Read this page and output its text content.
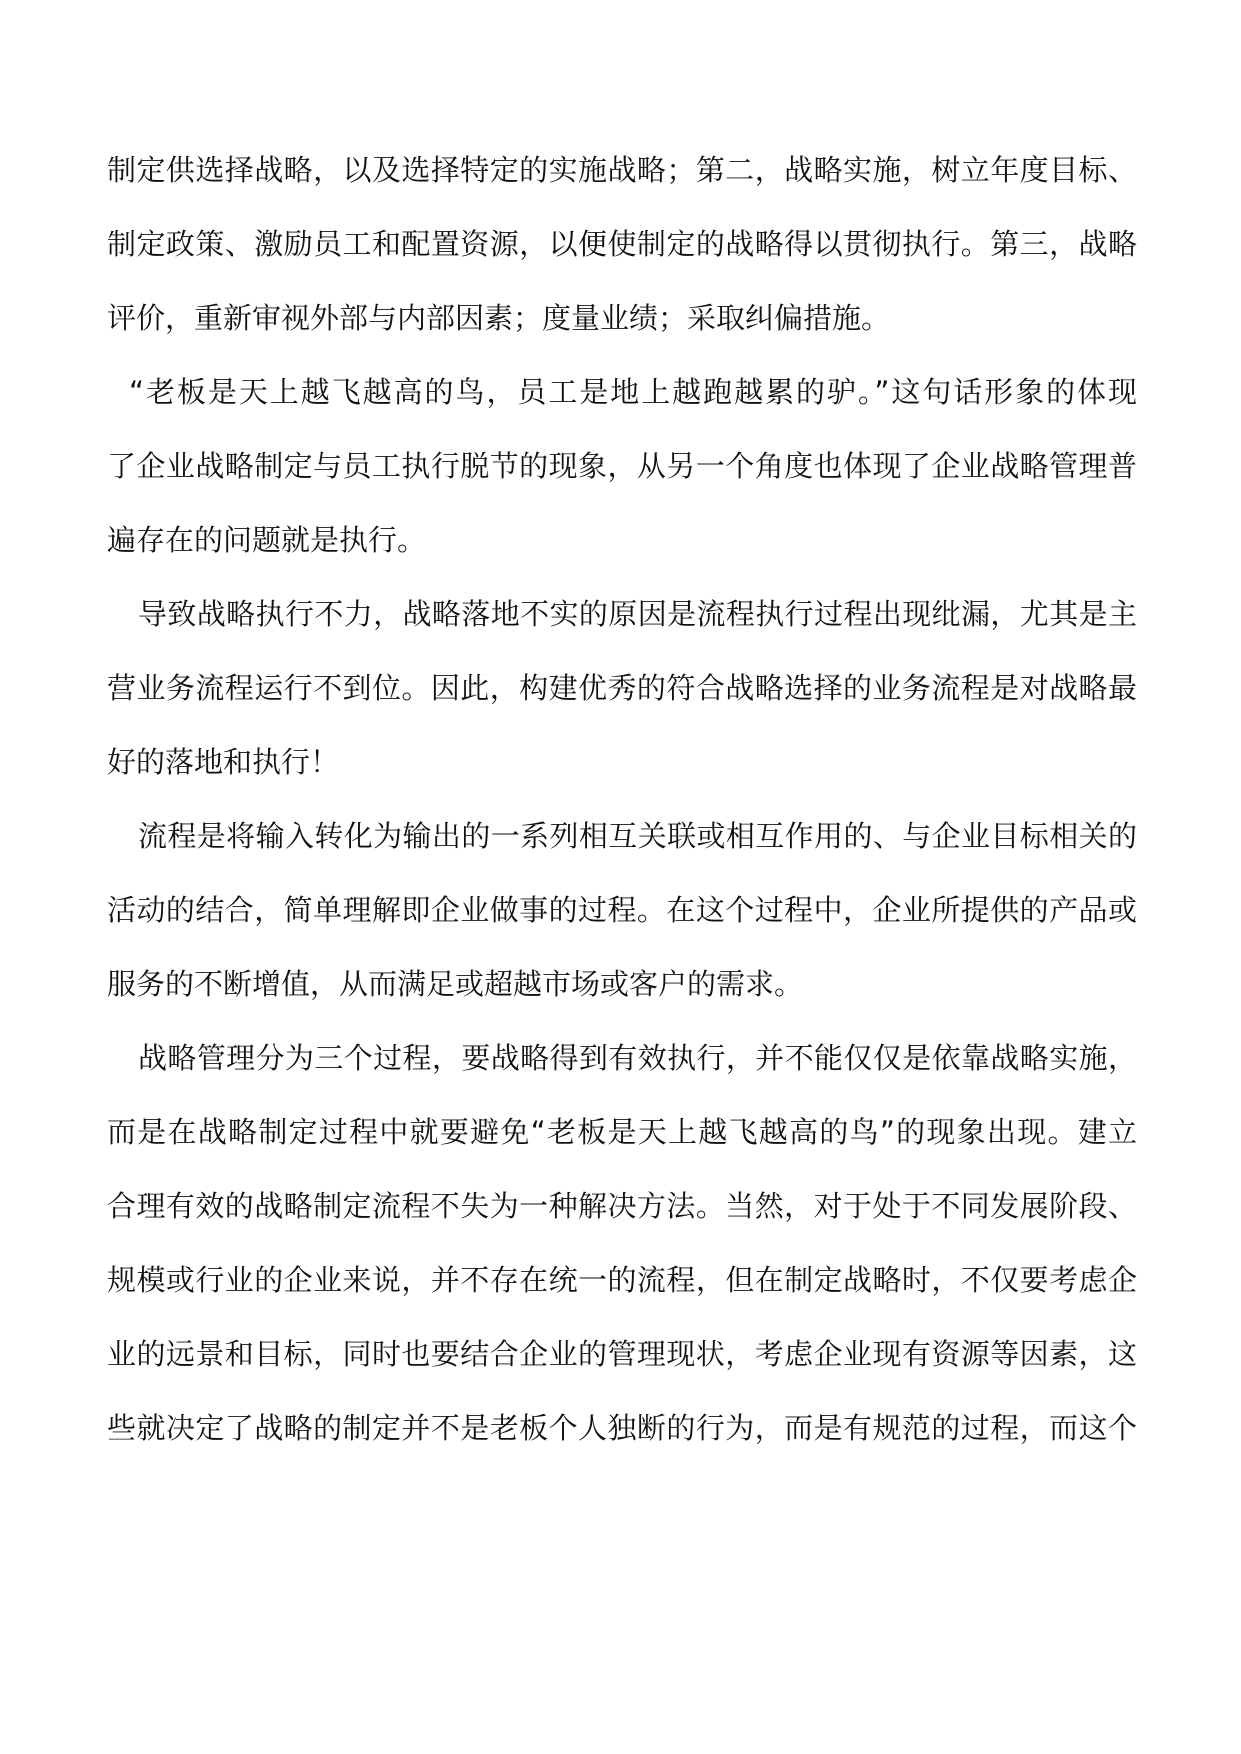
制定供选择战略，以及选择特定的实施战略；第二，战略实施，树立年度目标、
制定政策、激励员工和配置资源，以便使制定的战略得以贯彻执行。第三，战略
评价，重新审视外部与内部因素；度量业绩；采取纠偏措施。
“老板是天上越飞越高的鸟，员工是地上越跑越累的驴。”这句话形象的体现
了企业战略制定与员工执行脱节的现象，从另一个角度也体现了企业战略管理普
遍存在的问题就是执行。
导致战略执行不力，战略落地不实的原因是流程执行过程出现纰漏，尤其是主
营业务流程运行不到位。因此，构建优秀的符合战略选择的业务流程是对战略最
好的落地和执行！
流程是将输入转化为输出的一系列相互关联或相互作用的、与企业目标相关的
活动的结合，简单理解即企业做事的过程。在这个过程中，企业所提供的产品或
服务的不断增值，从而满足或超越市场或客户的需求。
战略管理分为三个过程，要战略得到有效执行，并不能仅仅是依靠战略实施，
而是在战略制定过程中就要避免“老板是天上越飞越高的鸟”的现象出现。建立
合理有效的战略制定流程不失为一种解决方法。当然，对于处于不同发展阶段、
规模或行业的企业来说，并不存在统一的流程，但在制定战略时，不仅要考虑企
业的远景和目标，同时也要结合企业的管理现状，考虑企业现有资源等因素，这
些就决定了战略的制定并不是老板个人独断的行为，而是有规范的过程，而这个
